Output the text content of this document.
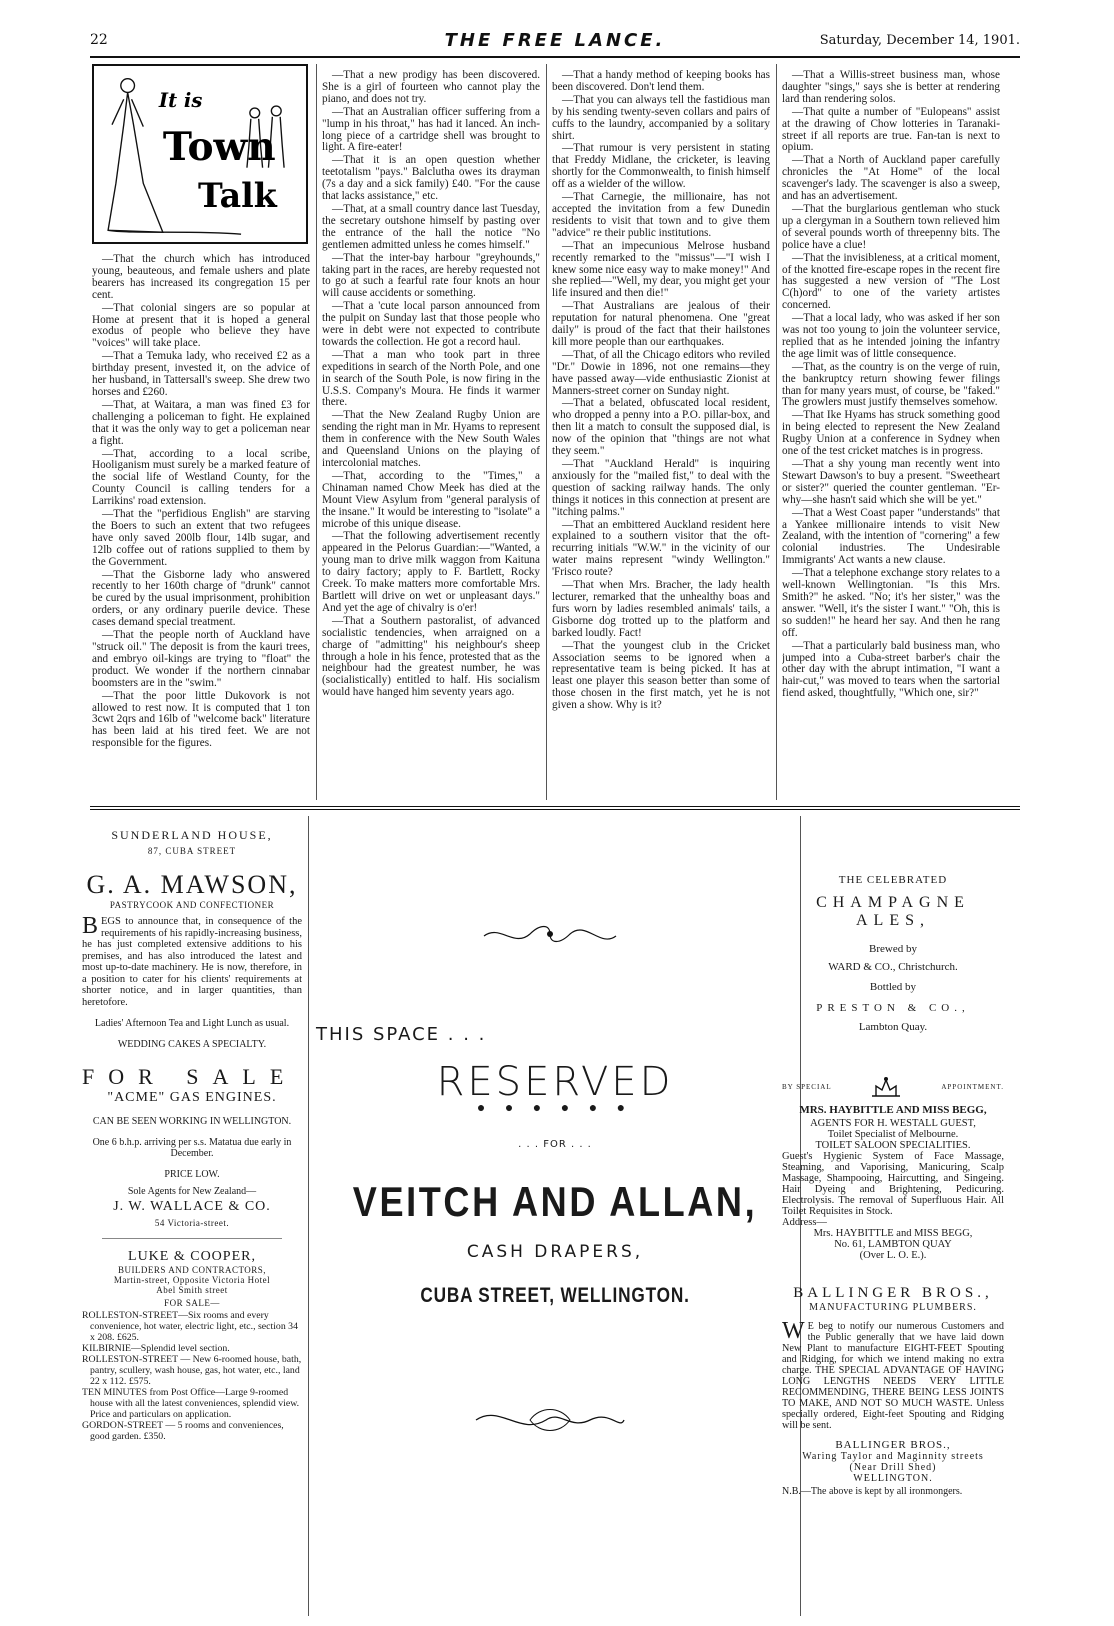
22	THE FREE LANCE.	Saturday, December 14, 1901.
It is
Town
Talk

—That the church which has introduced young, beauteous, and female ushers and plate bearers has increased its congregation 15 per cent.

—That colonial singers are so popular at Home at present that it is hoped a general exodus of people who believe they have "voices" will take place.

—That a Temuka lady, who received £2 as a birthday present, invested it, on the advice of her husband, in Tattersall's sweep. She drew two horses and £260.

—That, at Waitara, a man was fined £3 for challenging a policeman to fight. He explained that it was the only way to get a policeman near a fight.

—That, according to a local scribe, Hooliganism must surely be a marked feature of the social life of Westland County, for the County Council is calling tenders for a Larrikins' road extension.

—That the "perfidious English" are starving the Boers to such an extent that two refugees have only saved 200lb flour, 14lb sugar, and 12lb coffee out of rations supplied to them by the Government.

—That the Gisborne lady who answered recently to her 160th charge of "drunk" cannot be cured by the usual imprisonment, prohibition orders, or any ordinary puerile device. These cases demand special treatment.

—That the people north of Auckland have "struck oil." The deposit is from the kauri trees, and embryo oil-kings are trying to "float" the product. We wonder if the northern cinnabar boomsters are in the "swim."

—That the poor little Dukovork is not allowed to rest now. It is computed that 1 ton 3cwt 2qrs and 16lb of "welcome back" literature has been laid at his tired feet. We are not responsible for the figures.

—That a new prodigy has been discovered. She is a girl of fourteen who cannot play the piano, and does not try.

—That an Australian officer suffering from a "lump in his throat," has had it lanced. An inch-long piece of a cartridge shell was brought to light. A fire-eater!

—That it is an open question whether teetotalism "pays." Balclutha owes its drayman (7s a day and a sick family) £40. "For the cause that lacks assistance," etc.

—That, at a small country dance last Tuesday, the secretary outshone himself by pasting over the entrance of the hall the notice "No gentlemen admitted unless he comes himself."

—That the inter-bay harbour "greyhounds," taking part in the races, are hereby requested not to go at such a fearful rate four knots an hour will cause accidents or something.

—That a 'cute local parson announced from the pulpit on Sunday last that those people who were in debt were not expected to contribute towards the collection. He got a record haul.

—That a man who took part in three expeditions in search of the North Pole, and one in search of the South Pole, is now firing in the U.S.S. Company's Moura. He finds it warmer there.

—That the New Zealand Rugby Union are sending the right man in Mr. Hyams to represent them in conference with the New South Wales and Queensland Unions on the playing of intercolonial matches.

—That, according to the "Times," a Chinaman named Chow Meek has died at the Mount View Asylum from "general paralysis of the insane." It would be interesting to "isolate" a microbe of this unique disease.

—That the following advertisement recently appeared in the Pelorus Guardian:—"Wanted, a young man to drive milk waggon from Kaituna to dairy factory; apply to F. Bartlett, Rocky Creek. To make matters more comfortable Mrs. Bartlett will drive on wet or unpleasant days." And yet the age of chivalry is o'er!

—That a Southern pastoralist, of advanced socialistic tendencies, when arraigned on a charge of "admitting" his neighbour's sheep through a hole in his fence, protested that as the neighbour had the greatest number, he was (socialistically) entitled to half. His socialism would have hanged him seventy years ago.

—That a handy method of keeping books has been discovered. Don't lend them.

—That you can always tell the fastidious man by his sending twenty-seven collars and pairs of cuffs to the laundry, accompanied by a solitary shirt.

—That rumour is very persistent in stating that Freddy Midlane, the cricketer, is leaving shortly for the Commonwealth, to finish himself off as a wielder of the willow.

—That Carnegie, the millionaire, has not accepted the invitation from a few Dunedin residents to visit that town and to give them "advice" re their public institutions.

—That an impecunious Melrose husband recently remarked to the "missus"—"I wish I knew some nice easy way to make money!" And she replied—"Well, my dear, you might get your life insured and then die!"

—That Australians are jealous of their reputation for natural phenomena. One "great daily" is proud of the fact that their hailstones kill more people than our earthquakes.

—That, of all the Chicago editors who reviled "Dr." Dowie in 1896, not one remains—they have passed away—vide enthusiastic Zionist at Manners-street corner on Sunday night.

—That a belated, obfuscated local resident, who dropped a penny into a P.O. pillar-box, and then lit a match to consult the supposed dial, is now of the opinion that "things are not what they seem."

—That "Auckland Herald" is inquiring anxiously for the "mailed fist," to deal with the question of sacking railway hands. The only things it notices in this connection at present are "itching palms."

—That an embittered Auckland resident here explained to a southern visitor that the oft-recurring initials "W.W." in the vicinity of our water mains represent "windy Wellington." 'Frisco route?

—That when Mrs. Bracher, the lady health lecturer, remarked that the unhealthy boas and furs worn by ladies resembled animals' tails, a Gisborne dog trotted up to the platform and barked loudly. Fact!

—That the youngest club in the Cricket Association seems to be ignored when a representative team is being picked. It has at least one player this season better than some of those chosen in the first match, yet he is not given a show. Why is it?

—That a Willis-street business man, whose daughter "sings," says she is better at rendering lard than rendering solos.

—That quite a number of "Eulopeans" assist at the drawing of Chow lotteries in Taranaki-street if all reports are true. Fan-tan is next to opium.

—That a North of Auckland paper carefully chronicles the "At Home" of the local scavenger's lady. The scavenger is also a sweep, and has an advertisement.

—That the burglarious gentleman who stuck up a clergyman in a Southern town relieved him of several pounds worth of threepenny bits. The police have a clue!

—That the invisibleness, at a critical moment, of the knotted fire-escape ropes in the recent fire has suggested a new version of "The Lost C(h)ord" to one of the variety artistes concerned.

—That a local lady, who was asked if her son was not too young to join the volunteer service, replied that as he intended joining the infantry the age limit was of little consequence.

—That, as the country is on the verge of ruin, the bankruptcy return showing fewer filings than for many years must, of course, be "faked." The growlers must justify themselves somehow.

—That Ike Hyams has struck something good in being elected to represent the New Zealand Rugby Union at a conference in Sydney when one of the test cricket matches is in progress.

—That a shy young man recently went into Stewart Dawson's to buy a present. "Sweetheart or sister?" queried the counter gentleman. "Er-why—she hasn't said which she will be yet."

—That a West Coast paper "understands" that a Yankee millionaire intends to visit New Zealand, with the intention of "cornering" a few colonial industries. The Undesirable Immigrants' Act wants a new clause.

—That a telephone exchange story relates to a well-known Wellingtonian. "Is this Mrs. Smith?" he asked. "No; it's her sister," was the answer. "Well, it's the sister I want." "Oh, this is so sudden!" he heard her say. And then he rang off.

—That a particularly bald business man, who jumped into a Cuba-street barber's chair the other day with the abrupt intimation, "I want a hair-cut," was moved to tears when the sartorial fiend asked, thoughtfully, "Which one, sir?"

SUNDERLAND HOUSE,
87, CUBA STREET
G. A. MAWSON,
PASTRYCOOK AND CONFECTIONER
BEGS to announce that, in consequence of the requirements of his rapidly-increasing business, he has just completed extensive additions to his premises, and has also introduced the latest and most up-to-date machinery. He is now, therefore, in a position to cater for his clients' requirements at shorter notice, and in larger quantities, than heretofore.
Ladies' Afternoon Tea and Light Lunch as usual.
WEDDING CAKES A SPECIALTY.
FOR SALE
"ACME" GAS ENGINES.
CAN BE SEEN WORKING IN WELLINGTON.
One 6 b.h.p. arriving per s.s. Matatua due early in December.
PRICE LOW.
Sole Agents for New Zealand—
J. W. WALLACE & CO.
54 Victoria-street.
LUKE & COOPER,
BUILDERS AND CONTRACTORS,
Martin-street, Opposite Victoria Hotel
Abel Smith street
FOR SALE—

ROLLESTON-STREET—Six rooms and every convenience, hot water, electric light, etc., section 34 x 208. £625.

KILBIRNIE—Splendid level section.

ROLLESTON-STREET — New 6-roomed house, bath, pantry, scullery, wash house, gas, hot water, etc., land 22 x 112. £575.

TEN MINUTES from Post Office—Large 9-roomed house with all the latest conveniences, splendid view. Price and particulars on application.

GORDON-STREET — 5 rooms and conveniences, good garden. £350.

THIS SPACE . . .
RESERVED
● ● ● ● ● ●
. . . FOR . . .
VEITCH AND ALLAN,
CASH DRAPERS,
CUBA STREET, WELLINGTON.
THE CELEBRATED
CHAMPAGNE ALES,
Brewed by
WARD & CO., Christchurch.
Bottled by
PRESTON & CO.,
Lambton Quay.
BY SPECIAL	APPOINTMENT.
MRS. HAYBITTLE AND MISS BEGG,
AGENTS FOR H. WESTALL GUEST,
Toilet Specialist of Melbourne.
TOILET SALOON SPECIALITIES.

Guest's Hygienic System of Face Massage, Steaming, and Vaporising, Manicuring, Scalp Massage, Shampooing, Haircutting, and Singeing. Hair Dyeing and Brightening, Pedicuring. Electrolysis. The removal of Superfluous Hair. All Toilet Requisites in Stock.

Address—
Mrs. HAYBITTLE and MISS BEGG,
No. 61, LAMBTON QUAY
(Over L. O. E.).
BALLINGER BROS.,
MANUFACTURING PLUMBERS.
WE beg to notify our numerous Customers and the Public generally that we have laid down New Plant to manufacture EIGHT-FEET Spouting and Ridging, for which we intend making no extra charge. THE SPECIAL ADVANTAGE OF HAVING LONG LENGTHS NEEDS VERY LITTLE RECOMMENDING, THERE BEING LESS JOINTS TO MAKE, AND NOT SO MUCH WASTE. Unless specially ordered, Eight-feet Spouting and Ridging will be sent.
BALLINGER BROS.,
Waring Taylor and Maginnity streets
(Near Drill Shed)
WELLINGTON.
N.B.—The above is kept by all ironmongers.
